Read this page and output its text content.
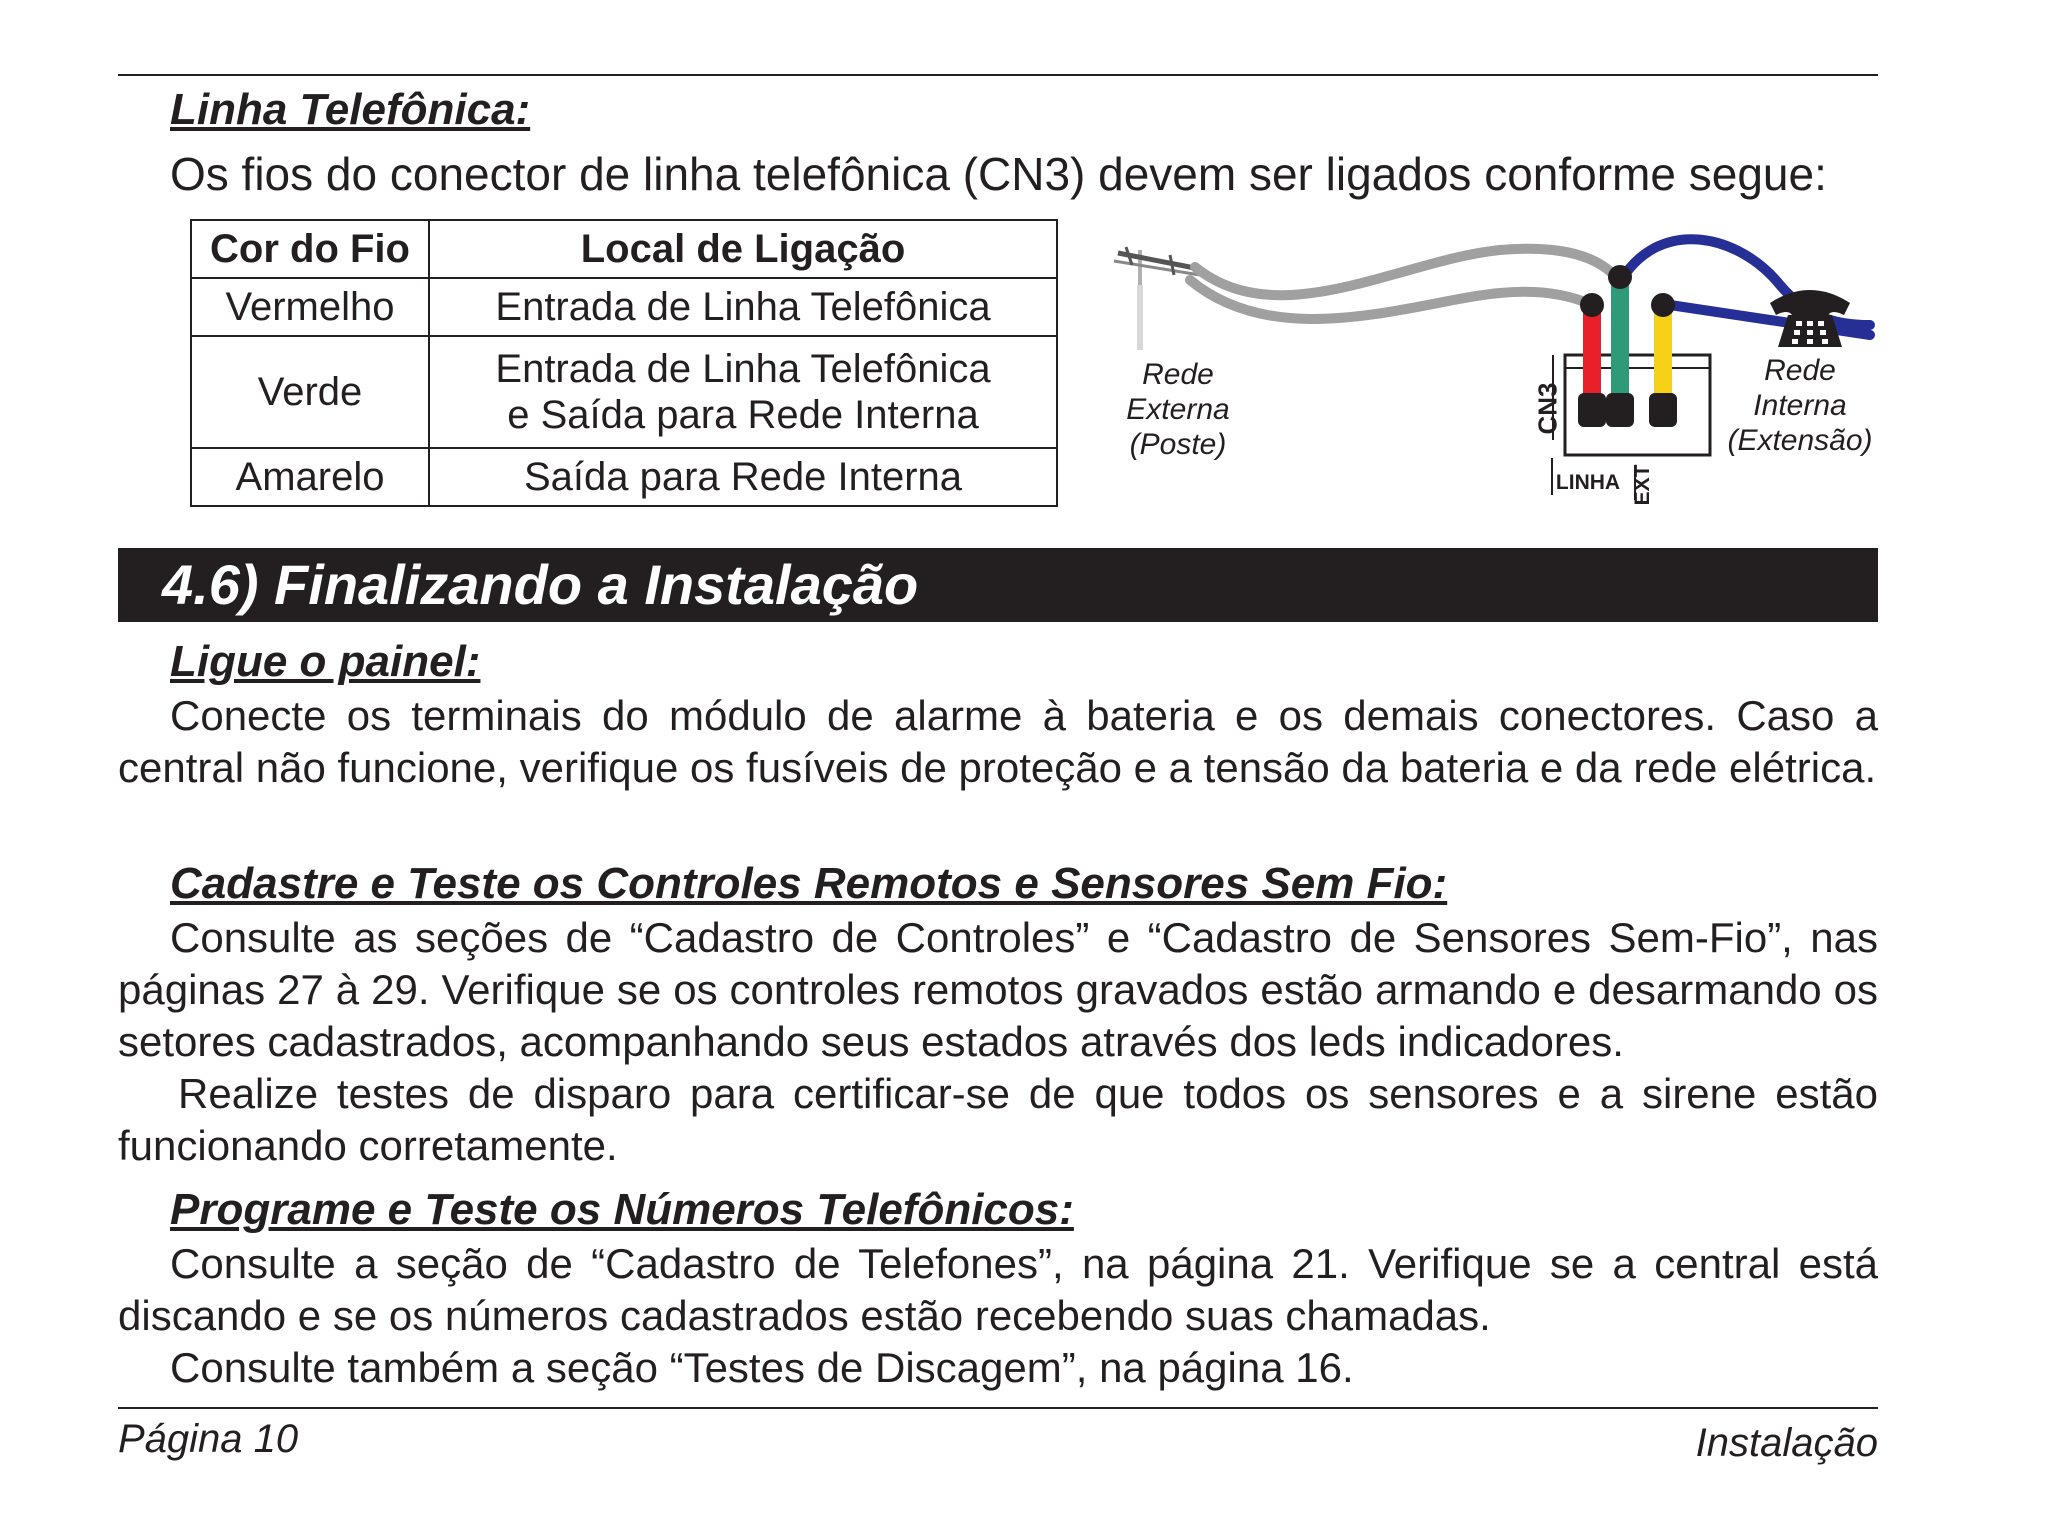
Linha Telefônica:
Os fios do conector de linha telefônica (CN3) devem ser ligados conforme segue:
Cor do Fio	Local de Ligação
Vermelho	Entrada de Linha Telefônica
Verde	Entrada de Linha Telefônica
e Saída para Rede Interna

Amarelo	Saída para Rede Interna
Rede
Externa
(Poste)
Rede
Interna
(Extensão)
CN3
LINHA EXT
4.6) Finalizando a Instalação
Ligue o painel:

Conecte os terminais do módulo de alarme à bateria e os demais conectores. Caso a central não funcione, verifique os fusíveis de proteção e a tensão da bateria e da rede elétrica.

Cadastre e Teste os Controles Remotos e Sensores Sem Fio:

Consulte as seções de “Cadastro de Controles” e “Cadastro de Sensores Sem-Fio”, nas páginas 27 à 29. Verifique se os controles remotos gravados estão armando e desarmando os setores cadastrados, acompanhando seus estados através dos leds indicadores.

Realize testes de disparo para certificar-se de que todos os sensores e a sirene estão funcionando corretamente.

Programe e Teste os Números Telefônicos:

Consulte a seção de “Cadastro de Telefones”, na página 21. Verifique se a central está discando e se os números cadastrados estão recebendo suas chamadas.

Consulte também a seção “Testes de Discagem”, na página 16.

Página 10	Instalação
